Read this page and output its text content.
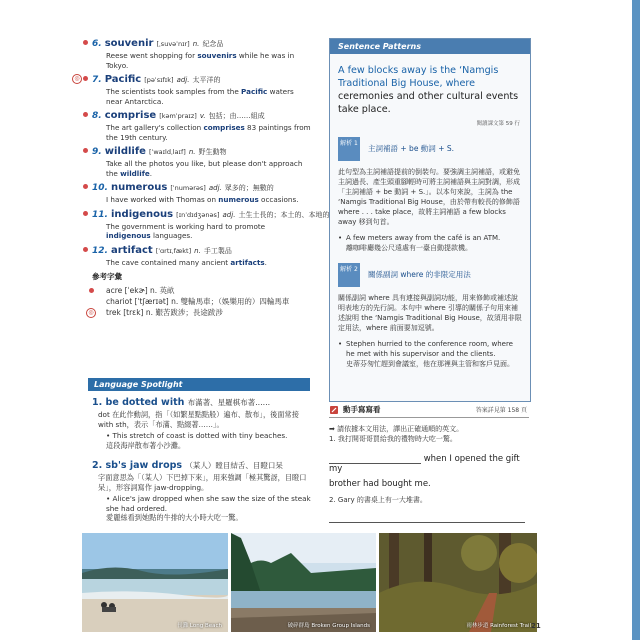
6. souvenir [ˌsuvəˈnɪr] n. 紀念品
Reese went shopping for souvenirs while he was in Tokyo.
◎ 7. Pacific [pəˈsɪfɪk] adj. 太平洋的
The scientists took samples from the Pacific waters near Antarctica.
8. comprise [kəmˈpraɪz] v. 包括；由……組成
The art gallery's collection comprises 83 paintings from the 19th century.
9. wildlife [ˈwaɪldˌlaɪf] n. 野生動物
Take all the photos you like, but please don't approach the wildlife.
10. numerous [ˈnumərəs] adj. 眾多的；無數的
I have worked with Thomas on numerous occasions.
11. indigenous [ɪnˈdɪdʒənəs] adj. 土生土長的；本土的、本地的
The government is working hard to promote indigenous languages.
12. artifact [ˈɑrtɪˌfækt] n. 手工製品
The cave contained many ancient artifacts.
參考字彙
acre [ˈekɚ] n. 英畝
chariot [ˈtʃærɪət] n. 雙輪馬車；（娛樂用的）四輪馬車
◎	trek [trɛk] n. 艱苦跋涉；長途跋涉
Language Spotlight
1. be dotted with 布滿著、星羅棋布著……
dot 在此作動詞，指「（如繁星點點般）遍布、散布」，後面常接 with sth，表示「布滿、點綴著……」。
• This stretch of coast is dotted with tiny beaches.
這段海岸散布著小沙灘。
2. sb's jaw drops （某人）瞠目結舌、目瞪口呆
字面意思為「（某人）下巴掉下來」，用來強調「極其驚訝，目瞪口呆」，形容詞寫作 jaw-dropping。
• Alice's jaw dropped when she saw the size of the steak she had ordered.
愛麗絲看到她點的牛排的大小時大吃一驚。
Sentence Patterns
A few blocks away is the ‘Namgis Traditional Big House, where ceremonies and other cultural events take place.
閱讀課文第 59 行
解析 1
主詞補語 + be 動詞 + S.
此句型為主詞補語提前的倒裝句。要強調主詞補語，或避免主詞過長、產生頭重腳輕時可將主詞補語與主詞對調，形成「主詞補語 + be 動詞 + S.」。以本句來說，主詞為 the ‘Namgis Traditional Big House，由於帶有較長的修飾語 where . . . take place，故將主詞補語 a few blocks away 移到句首。
• A few meters away from the café is an ATM.
離咖啡廳幾公尺遠處有一臺自動提款機。
解析 2
關係副詞 where 的非限定用法
關係副詞 where 具有連接與副詞功能，用來修飾或補述說明表地方的先行詞。本句中 where 引導的關係子句用來補述說明 the ‘Namgis Traditional Big House，故須用非限定用法，where 前面要加逗號。
• Stephen hurried to the conference room, where he met with his supervisor and the clients.
史蒂芬匆忙趕到會議室，他在那裡與主管和客戶見面。
動手寫寫看	答案詳見第 158 頁
➡ 請依據本文用法，譯出正確通順的英文。
1. 我打開哥哥買給我的禮物時大吃一驚。
when I opened the gift my
brother had bought me.
2. Gary 的書桌上有一大堆書。
長灘 Long Beach	破碎群島 Broken Group Islands	雨林步道 Rainforest Trail 21
